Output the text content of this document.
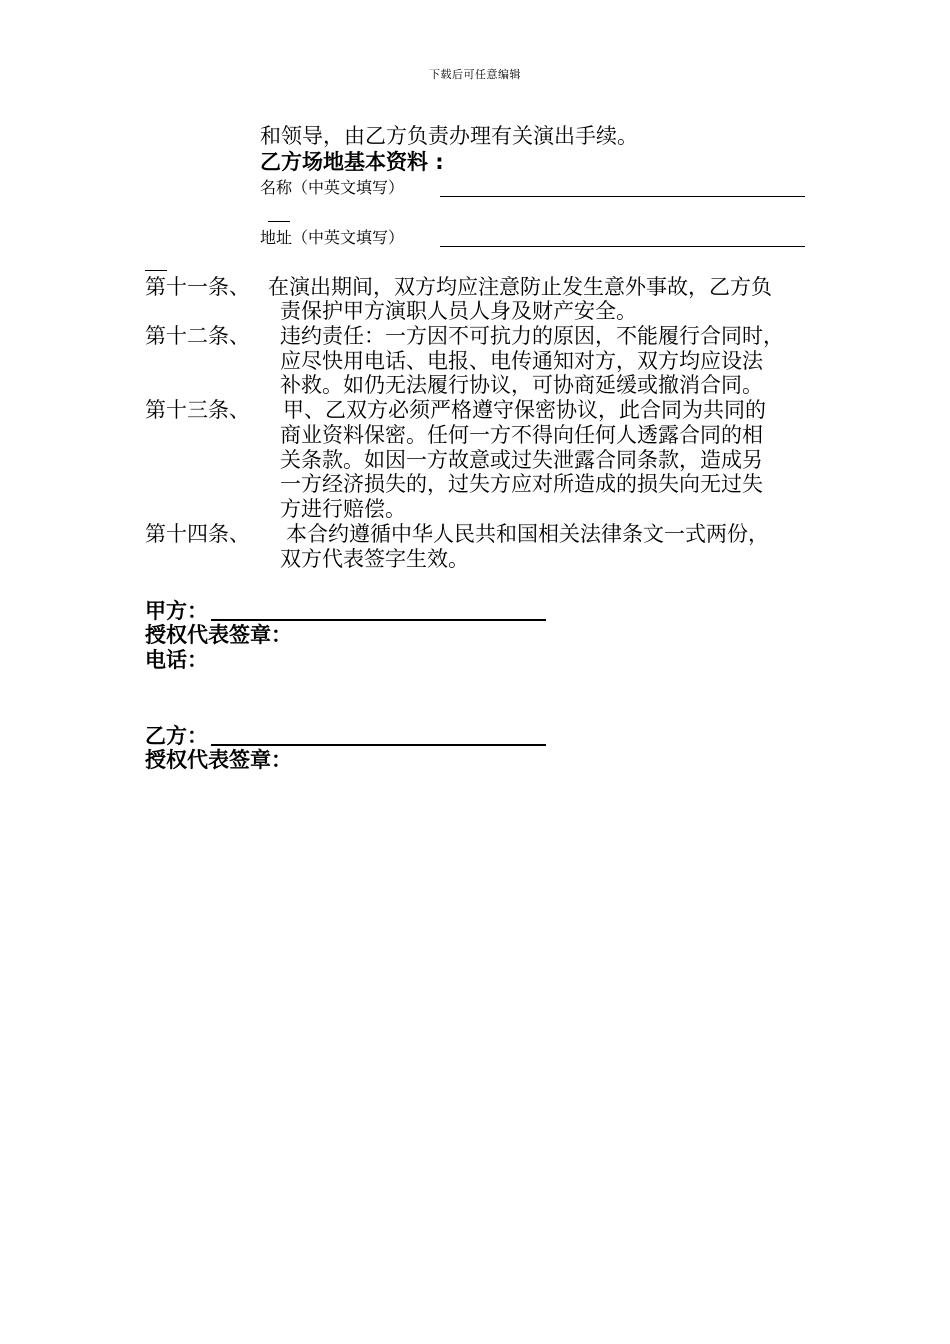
下载后可任意编辑
和领导，由乙方负责办理有关演出手续。
乙方场地基本资料 :
名称（中英文填写）
地址（中英文填写）
第十一条、 在演出期间，双方均应注意防止发生意外事故，乙方负
责保护甲方演职人员人身及财产安全。
第十二条、 违约责任：一方因不可抗力的原因，不能履行合同时，
应尽快用电话、电报、电传通知对方，双方均应设法
补救。如仍无法履行协议，可协商延缓或撤消合同。
第十三条、 甲、乙双方必须严格遵守保密协议，此合同为共同的
商业资料保密。任何一方不得向任何人透露合同的相
关条款。如因一方故意或过失泄露合同条款，造成另
一方经济损失的，过失方应对所造成的损失向无过失
方进行赔偿。
第十四条、 本合约遵循中华人民共和国相关法律条文一式两份，
双方代表签字生效。
甲方：
授权代表签章：
电话：
乙方：
授权代表签章：
